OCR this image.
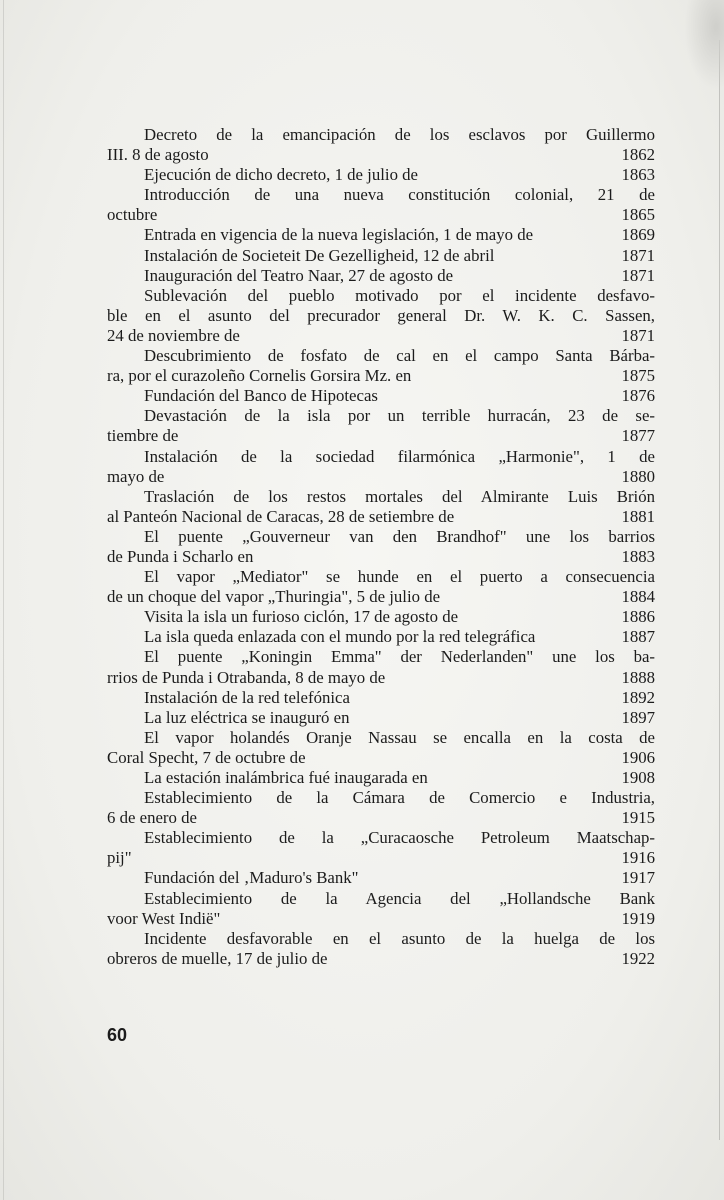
Decreto de la emancipación de los esclavos por Guillermo
III. 8 de agosto	1862
Ejecución de dicho decreto, 1 de julio de	1863
Introducción de una nueva constitución colonial, 21 de
octubre	1865
Entrada en vigencia de la nueva legislación, 1 de mayo de	1869
Instalación de Societeit De Gezelligheid, 12 de abril	1871
Inauguración del Teatro Naar, 27 de agosto de	1871
Sublevación del pueblo motivado por el incidente desfavo-
ble en el asunto del precurador general Dr. W. K. C. Sassen,
24 de noviembre de	1871
Descubrimiento de fosfato de cal en el campo Santa Bárba-
ra, por el curazoleño Cornelis Gorsira Mz. en	1875
Fundación del Banco de Hipotecas	1876
Devastación de la isla por un terrible hurracán, 23 de se-
tiembre de	1877
Instalación de la sociedad filarmónica „Harmonie", 1 de
mayo de	1880
Traslación de los restos mortales del Almirante Luis Brión
al Panteón Nacional de Caracas, 28 de setiembre de	1881
El puente „Gouverneur van den Brandhof" une los barrios
de Punda i Scharlo en	1883
El vapor „Mediator" se hunde en el puerto a consecuencia
de un choque del vapor „Thuringia", 5 de julio de	1884
Visita la isla un furioso ciclón, 17 de agosto de	1886
La isla queda enlazada con el mundo por la red telegráfica	1887
El puente „Koningin Emma" der Nederlanden" une los ba-
rrios de Punda i Otrabanda, 8 de mayo de	1888
Instalación de la red telefónica	1892
La luz eléctrica se inauguró en	1897
El vapor holandés Oranje Nassau se encalla en la costa de
Coral Specht, 7 de octubre de	1906
La estación inalámbrica fué inaugarada en	1908
Establecimiento de la Cámara de Comercio e Industria,
6 de enero de	1915
Establecimiento de la „Curacaosche Petroleum Maatschap-
pij"	1916
Fundación del ‚Maduro's Bank"	1917
Establecimiento de la Agencia del „Hollandsche Bank
voor West Indië"	1919
Incidente desfavorable en el asunto de la huelga de los
obreros de muelle, 17 de julio de	1922
60
